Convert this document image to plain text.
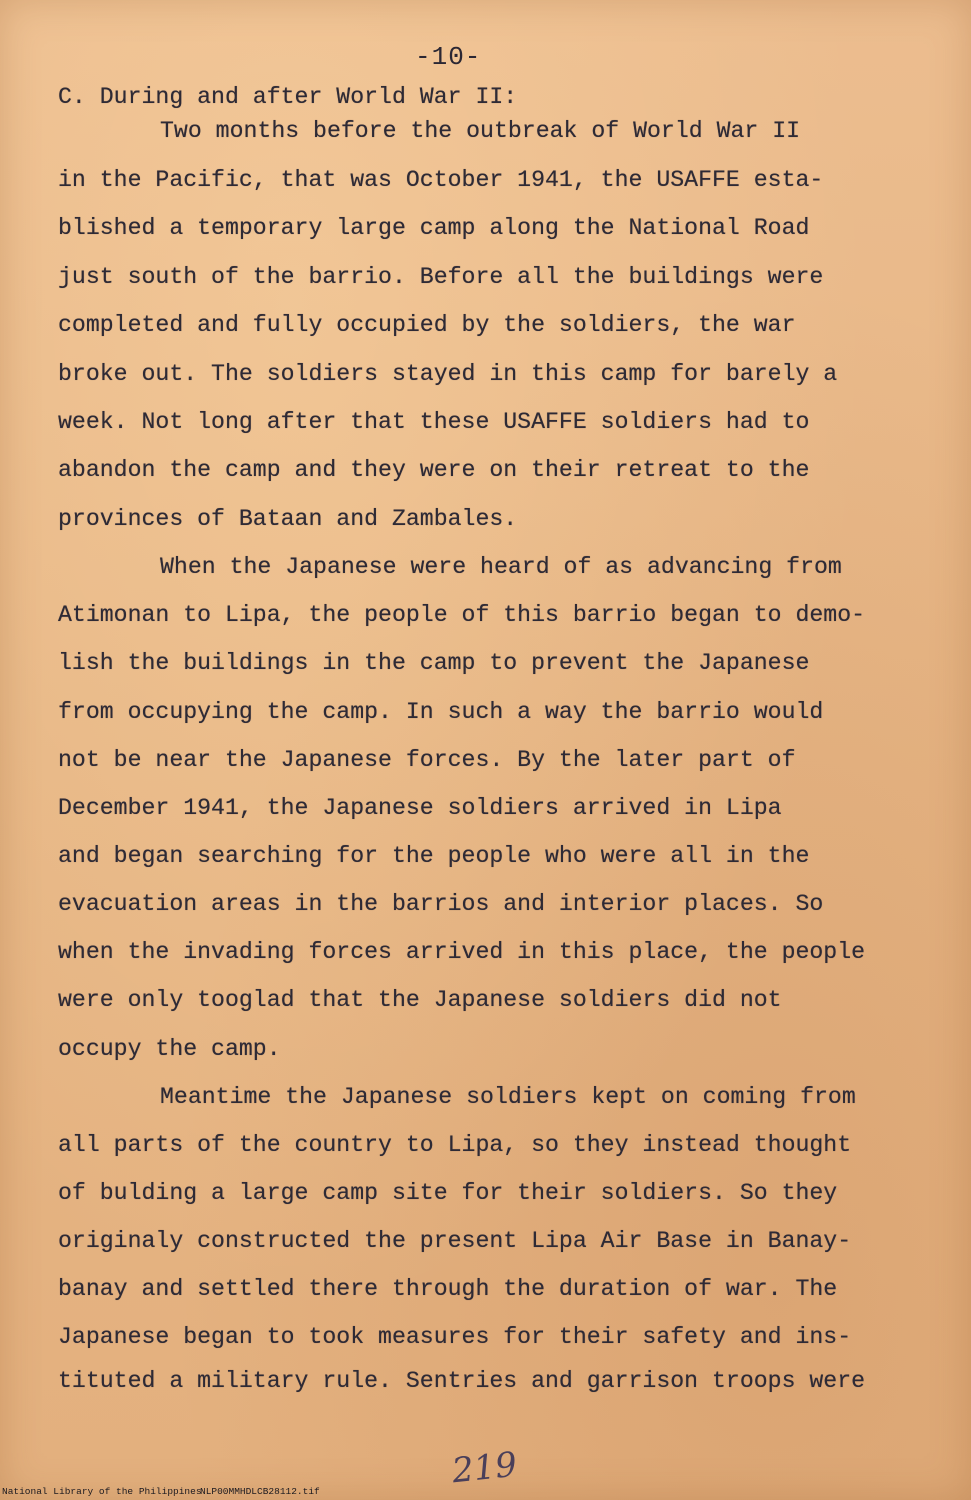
-10-
C. During and after World War II:
Two months before the outbreak of World War II
in the Pacific, that was October 1941, the USAFFE esta-
blished a temporary large camp along the National Road
just south of the barrio. Before all the buildings were
completed and fully occupied by the soldiers, the war
broke out. The soldiers stayed in this camp for barely a
week. Not long after that these USAFFE soldiers had to
abandon the camp and they were on their retreat to the
provinces of Bataan and Zambales.
When the Japanese were heard of as advancing from
Atimonan to Lipa, the people of this barrio began to demo-
lish the buildings in the camp to prevent the Japanese
from occupying the camp. In such a way the barrio would
not be near the Japanese forces. By the later part of
December 1941, the Japanese soldiers arrived in Lipa
and began searching for the people who were all in the
evacuation areas in the barrios and interior places. So
when the invading forces arrived in this place, the people
were only tooglad that the Japanese soldiers did not
occupy the camp.
Meantime the Japanese soldiers kept on coming from
all parts of the country to Lipa, so they instead thought
of bulding a large camp site for their soldiers. So they
originaly constructed the present Lipa Air Base in Banay-
banay and settled there through the duration of war. The
Japanese began to took measures for their safety and ins-
tituted a military rule. Sentries and garrison troops were
219
National Library of the Philippines
NLP00MMHDLCB28112.tif
